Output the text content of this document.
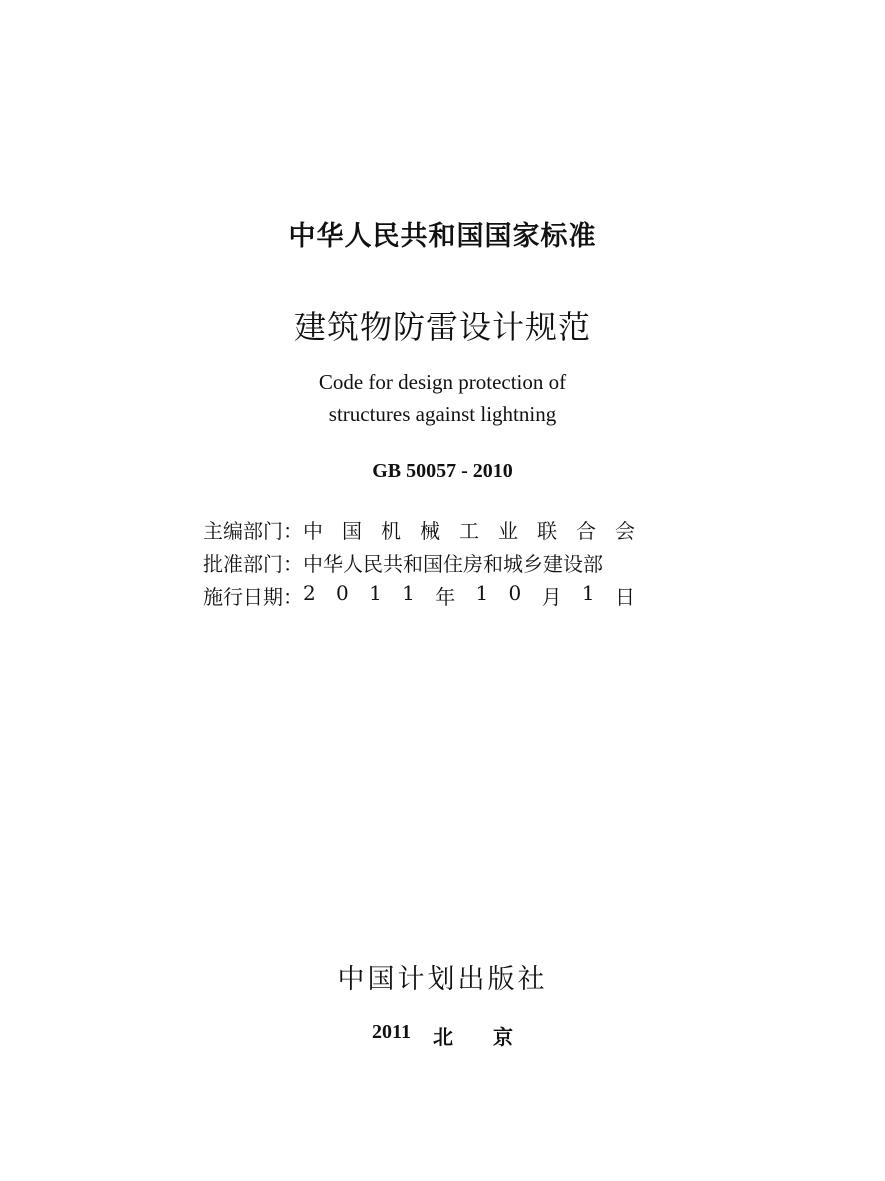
中华人民共和国国家标准
建筑物防雷设计规范
Code for design protection of
structures against lightning
GB 50057 - 2010
主编部门： 中 国 机 械 工 业 联 合 会
批准部门： 中华人民共和国住房和城乡建设部
施行日期： 2 0 1 1 年 1 0 月 1 日
中国计划出版社
2011 北京
